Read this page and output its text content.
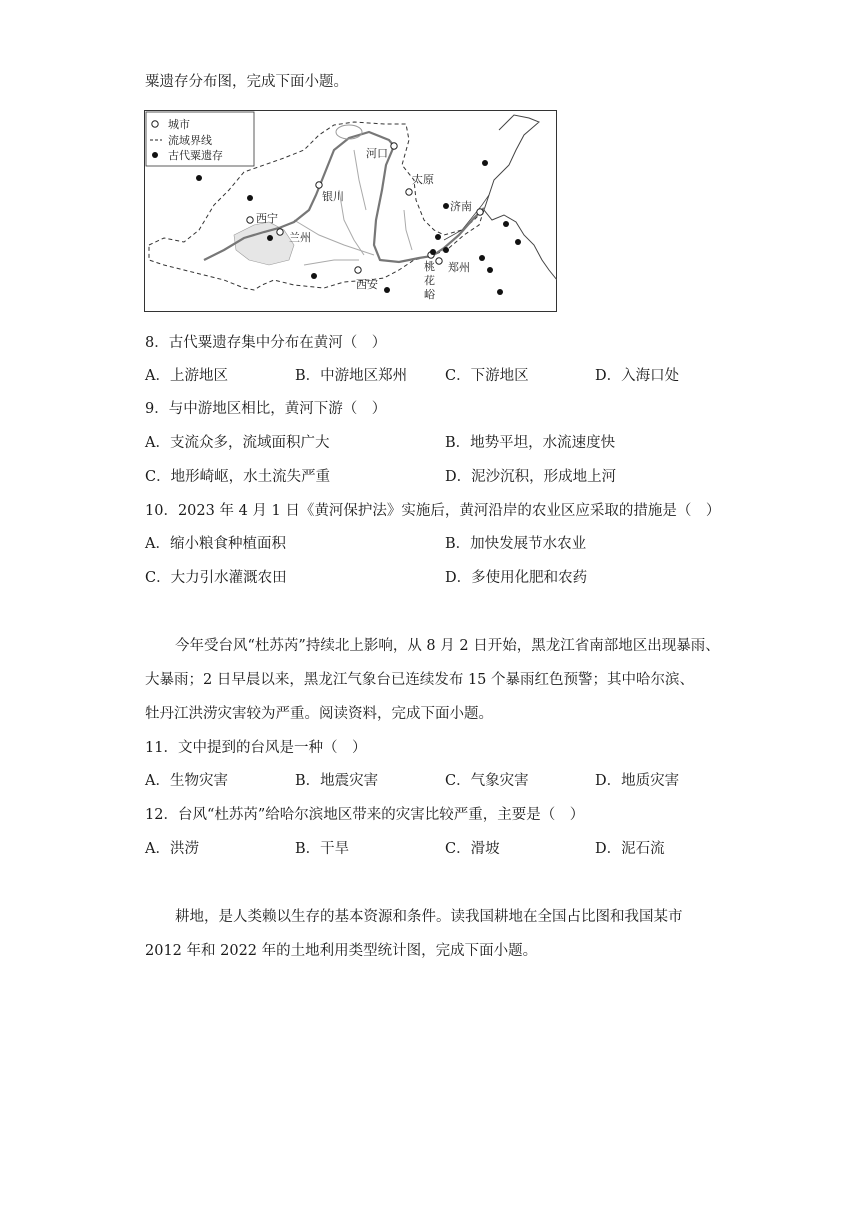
粟遗存分布图，完成下面小题。
城市
流域界线
古代粟遗存	河口
太原
银川
济南
西宁
兰州
郑州
西安
桃
花
峪
8．古代粟遗存集中分布在黄河（　）
A．上游地区	B．中游地区郑州	C．下游地区	D．入海口处
9．与中游地区相比，黄河下游（　）
A．支流众多，流域面积广大	B．地势平坦，水流速度快
C．地形崎岖，水土流失严重	D．泥沙沉积，形成地上河
10．2023 年 4 月 1 日《黄河保护法》实施后，黄河沿岸的农业区应采取的措施是（　）
A．缩小粮食种植面积	B．加快发展节水农业
C．大力引水灌溉农田	D．多使用化肥和农药
今年受台风“杜苏芮”持续北上影响，从 8 月 2 日开始，黑龙江省南部地区出现暴雨、
大暴雨；2 日早晨以来，黑龙江气象台已连续发布 15 个暴雨红色预警；其中哈尔滨、
牡丹江洪涝灾害较为严重。阅读资料，完成下面小题。
11．文中提到的台风是一种（　）
A．生物灾害	B．地震灾害	C．气象灾害	D．地质灾害
12．台风“杜苏芮”给哈尔滨地区带来的灾害比较严重，主要是（　）
A．洪涝	B．干旱	C．滑坡	D．泥石流
耕地，是人类赖以生存的基本资源和条件。读我国耕地在全国占比图和我国某市
2012 年和 2022 年的土地利用类型统计图，完成下面小题。
